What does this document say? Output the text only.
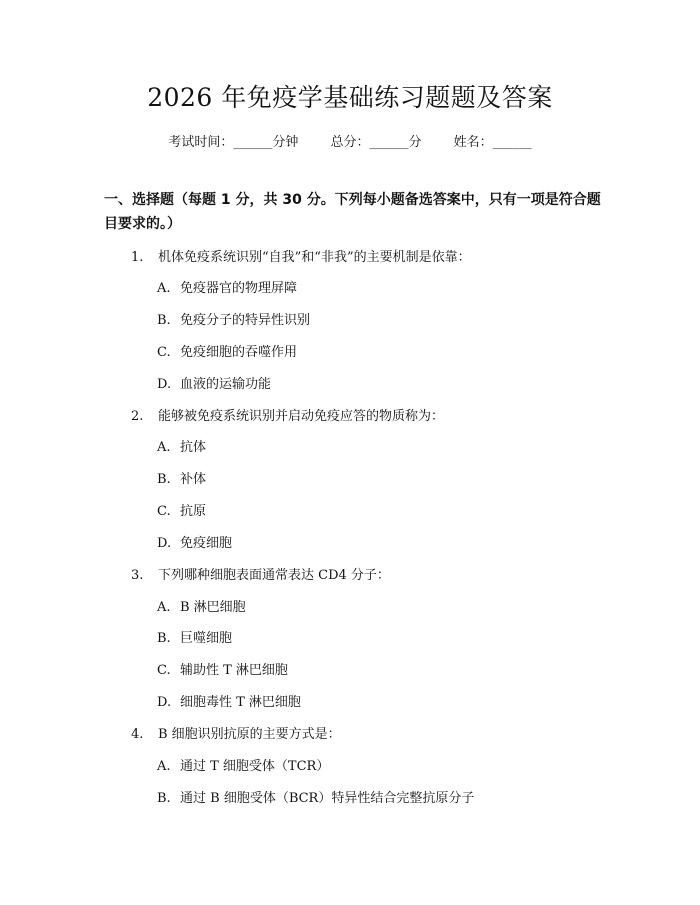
2026 年免疫学基础练习题题及答案
考试时间：______分钟 总分：______分 姓名：______
一、选择题（每题 1 分，共 30 分。下列每小题备选答案中，只有一项是符合题目要求的。）
1. 机体免疫系统识别“自我”和“非我”的主要机制是依靠：
A. 免疫器官的物理屏障
B. 免疫分子的特异性识别
C. 免疫细胞的吞噬作用
D. 血液的运输功能
2. 能够被免疫系统识别并启动免疫应答的物质称为：
A. 抗体
B. 补体
C. 抗原
D. 免疫细胞
3. 下列哪种细胞表面通常表达 CD4 分子：
A. B 淋巴细胞
B. 巨噬细胞
C. 辅助性 T 淋巴细胞
D. 细胞毒性 T 淋巴细胞
4. B 细胞识别抗原的主要方式是：
A. 通过 T 细胞受体（TCR）
B. 通过 B 细胞受体（BCR）特异性结合完整抗原分子
